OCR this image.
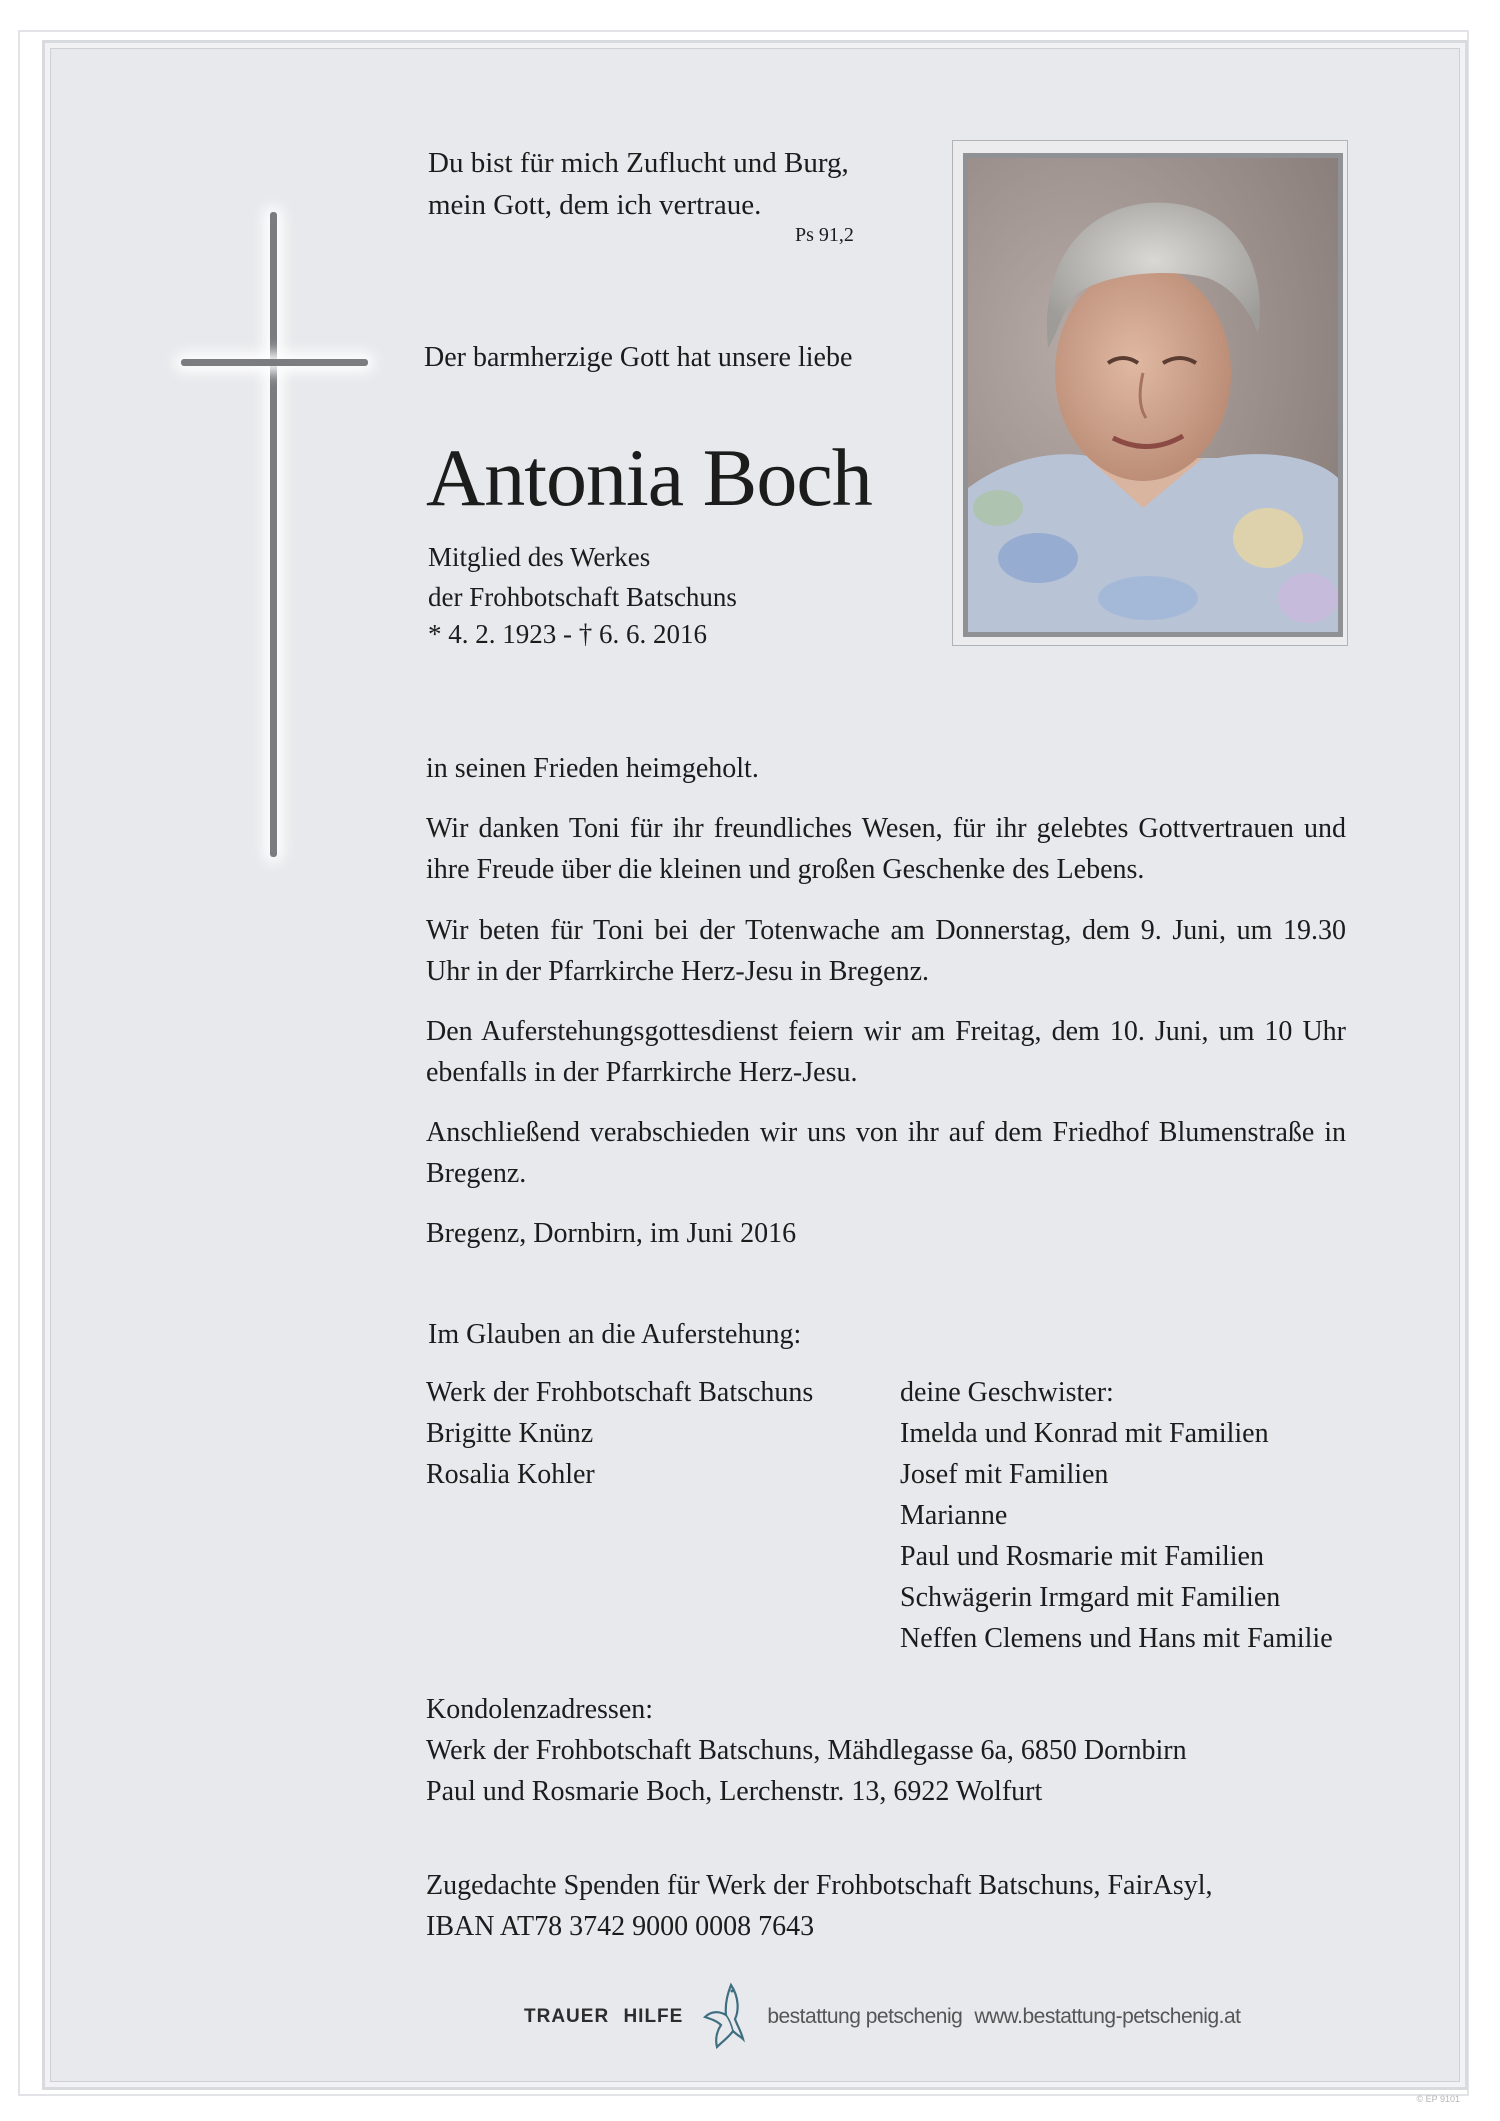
Du bist für mich Zuflucht und Burg,
mein Gott, dem ich vertraue.
Ps 91,2
Der barmherzige Gott hat unsere liebe
Antonia Boch
Mitglied des Werkes
der Frohbotschaft Batschuns
* 4. 2. 1923 - † 6. 6. 2016
in seinen Frieden heimgeholt.
Wir danken Toni für ihr freundliches Wesen, für ihr gelebtes Gottvertrauen und ihre Freude über die kleinen und großen Geschenke des Lebens.
Wir beten für Toni bei der Totenwache am Donnerstag, dem 9. Juni, um 19.30 Uhr in der Pfarrkirche Herz-Jesu in Bregenz.
Den Auferstehungsgottesdienst feiern wir am Freitag, dem 10. Juni, um 10 Uhr ebenfalls in der Pfarrkirche Herz-Jesu.
Anschließend verabschieden wir uns von ihr auf dem Friedhof Blumenstraße in Bregenz.
Bregenz, Dornbirn, im Juni 2016
Im Glauben an die Auferstehung:
Werk der Frohbotschaft Batschuns
Brigitte Knünz
Rosalia Kohler
deine Geschwister:
Imelda und Konrad mit Familien
Josef mit Familien
Marianne
Paul und Rosmarie mit Familien
Schwägerin Irmgard mit Familien
Neffen Clemens und Hans mit Familie
Kondolenzadressen:
Werk der Frohbotschaft Batschuns, Mähdlegasse 6a, 6850 Dornbirn
Paul und Rosmarie Boch, Lerchenstr. 13, 6922 Wolfurt
Zugedachte Spenden für Werk der Frohbotschaft Batschuns, FairAsyl,
IBAN AT78 3742 9000 0008 7643
TRAUER HILFE	bestattung petschenig www.bestattung-petschenig.at
© EP 9101
